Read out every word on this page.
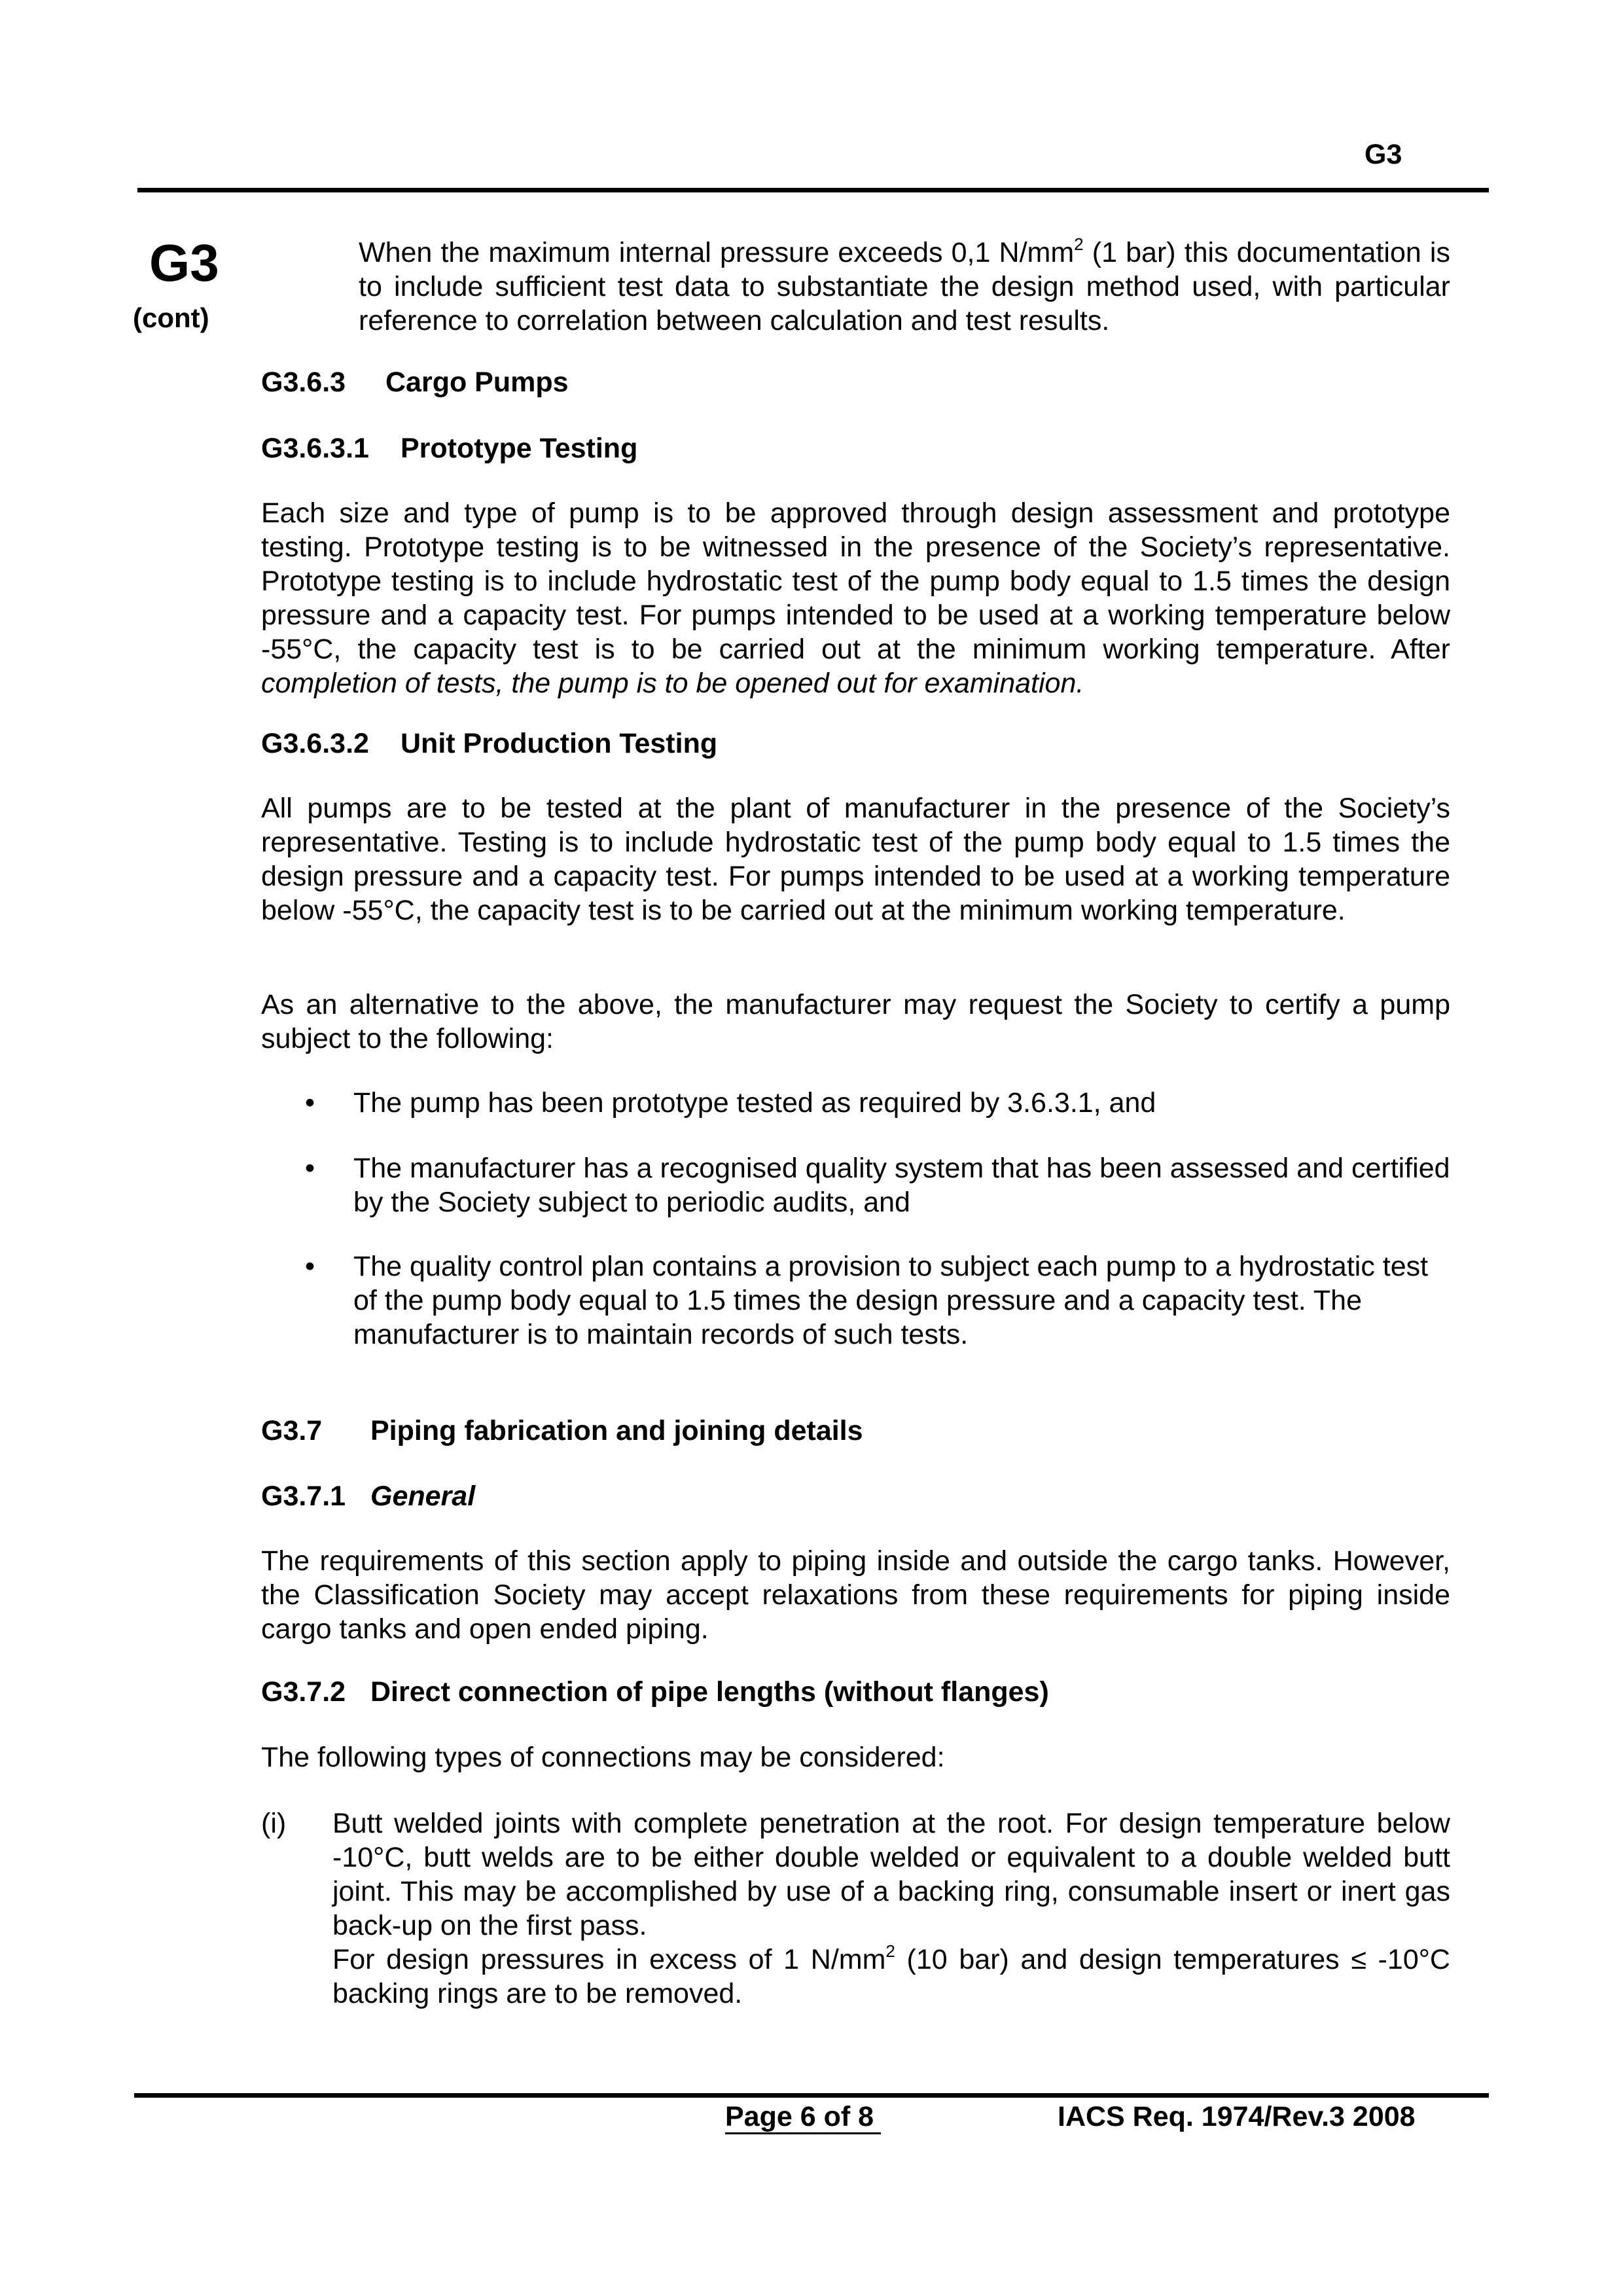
G3
G3
(cont)
When the maximum internal pressure exceeds 0,1 $N/mm^2$ (1 bar) this documentation is to include sufficient test data to substantiate the design method used, with particular reference to correlation between calculation and test results.
G3.6.3 Cargo Pumps
G3.6.3.1 Prototype Testing
Each size and type of pump is to be approved through design assessment and prototype testing. Prototype testing is to be witnessed in the presence of the Society’s representative. Prototype testing is to include hydrostatic test of the pump body equal to 1.5 times the design pressure and a capacity test. For pumps intended to be used at a working temperature below -55°C, the capacity test is to be carried out at the minimum working temperature. After completion of tests, the pump is to be opened out for examination.
G3.6.3.2 Unit Production Testing
All pumps are to be tested at the plant of manufacturer in the presence of the Society’s representative. Testing is to include hydrostatic test of the pump body equal to 1.5 times the design pressure and a capacity test. For pumps intended to be used at a working temperature below -55°C, the capacity test is to be carried out at the minimum working temperature.
As an alternative to the above, the manufacturer may request the Society to certify a pump subject to the following:
• The pump has been prototype tested as required by 3.6.3.1, and
• The manufacturer has a recognised quality system that has been assessed and certified by the Society subject to periodic audits, and
• The quality control plan contains a provision to subject each pump to a hydrostatic test of the pump body equal to 1.5 times the design pressure and a capacity test. The manufacturer is to maintain records of such tests.
G3.7 Piping fabrication and joining details
G3.7.1 General
The requirements of this section apply to piping inside and outside the cargo tanks. However, the Classification Society may accept relaxations from these requirements for piping inside cargo tanks and open ended piping.
G3.7.2 Direct connection of pipe lengths (without flanges)
The following types of connections may be considered:
(i) Butt welded joints with complete penetration at the root. For design temperature below -10°C, butt welds are to be either double welded or equivalent to a double welded butt joint. This may be accomplished by use of a backing ring, consumable insert or inert gas back-up on the first pass.
For design pressures in excess of 1 $N/mm^2$ (10 bar) and design temperatures ≤ -10°C backing rings are to be removed.
Page 6 of 8	IACS Req. 1974/Rev.3 2008
